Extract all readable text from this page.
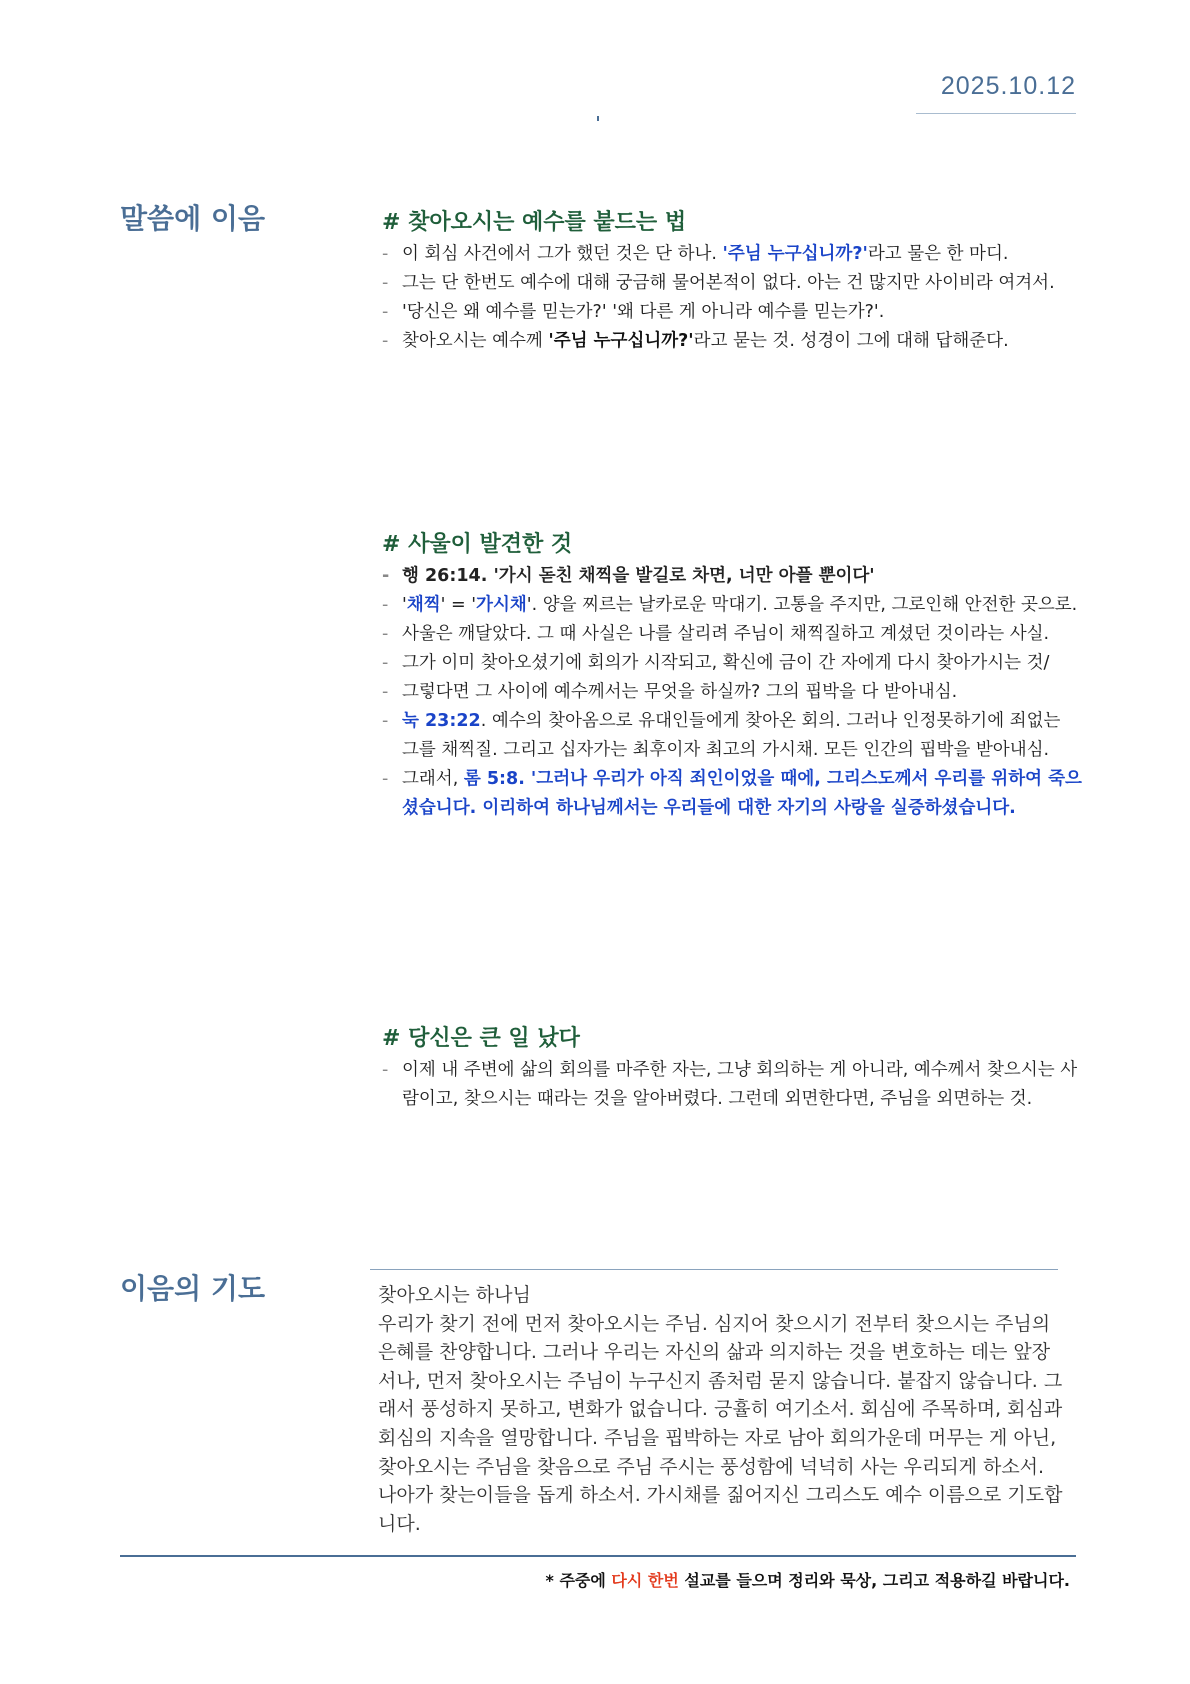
2025.10.12
말씀에 이음	# 찾아오시는 예수를 붙드는 법
- 이 회심 사건에서 그가 했던 것은 단 하나. '주님 누구십니까?'라고 물은 한 마디.
- 그는 단 한번도 예수에 대해 궁금해 물어본적이 없다. 아는 건 많지만 사이비라 여겨서.
- '당신은 왜 예수를 믿는가?' '왜 다른 게 아니라 예수를 믿는가?'.
- 찾아오시는 예수께 '주님 누구십니까?'라고 묻는 것. 성경이 그에 대해 답해준다.
# 사울이 발견한 것
- 행 26:14. '가시 돋친 채찍을 발길로 차면, 너만 아플 뿐이다'
- '채찍' = '가시채'. 양을 찌르는 날카로운 막대기. 고통을 주지만, 그로인해 안전한 곳으로.
- 사울은 깨달았다. 그 때 사실은 나를 살리려 주님이 채찍질하고 계셨던 것이라는 사실.
- 그가 이미 찾아오셨기에 회의가 시작되고, 확신에 금이 간 자에게 다시 찾아가시는 것/
- 그렇다면 그 사이에 예수께서는 무엇을 하실까? 그의 핍박을 다 받아내심.
- 눅 23:22. 예수의 찾아옴으로 유대인들에게 찾아온 회의. 그러나 인정못하기에 죄없는 그를 채찍질. 그리고 십자가는 최후이자 최고의 가시채. 모든 인간의 핍박을 받아내심.
- 그래서, 롬 5:8. '그러나 우리가 아직 죄인이었을 때에, 그리스도께서 우리를 위하여 죽으셨습니다. 이리하여 하나님께서는 우리들에 대한 자기의 사랑을 실증하셨습니다.
# 당신은 큰 일 났다
- 이제 내 주변에 삶의 회의를 마주한 자는, 그냥 회의하는 게 아니라, 예수께서 찾으시는 사람이고, 찾으시는 때라는 것을 알아버렸다. 그런데 외면한다면, 주님을 외면하는 것.
이음의 기도	찾아오시는 하나님

우리가 찾기 전에 먼저 찾아오시는 주님. 심지어 찾으시기 전부터 찾으시는 주님의 은혜를 찬양합니다. 그러나 우리는 자신의 삶과 의지하는 것을 변호하는 데는 앞장서나, 먼저 찾아오시는 주님이 누구신지 좀처럼 묻지 않습니다. 붙잡지 않습니다. 그래서 풍성하지 못하고, 변화가 없습니다. 긍휼히 여기소서. 회심에 주목하며, 회심과 회심의 지속을 열망합니다. 주님을 핍박하는 자로 남아 회의가운데 머무는 게 아닌, 찾아오시는 주님을 찾음으로 주님 주시는 풍성함에 넉넉히 사는 우리되게 하소서. 나아가 찾는이들을 돕게 하소서. 가시채를 짊어지신 그리스도 예수 이름으로 기도합니다.

* 주중에 다시 한번 설교를 들으며 정리와 묵상, 그리고 적용하길 바랍니다.
